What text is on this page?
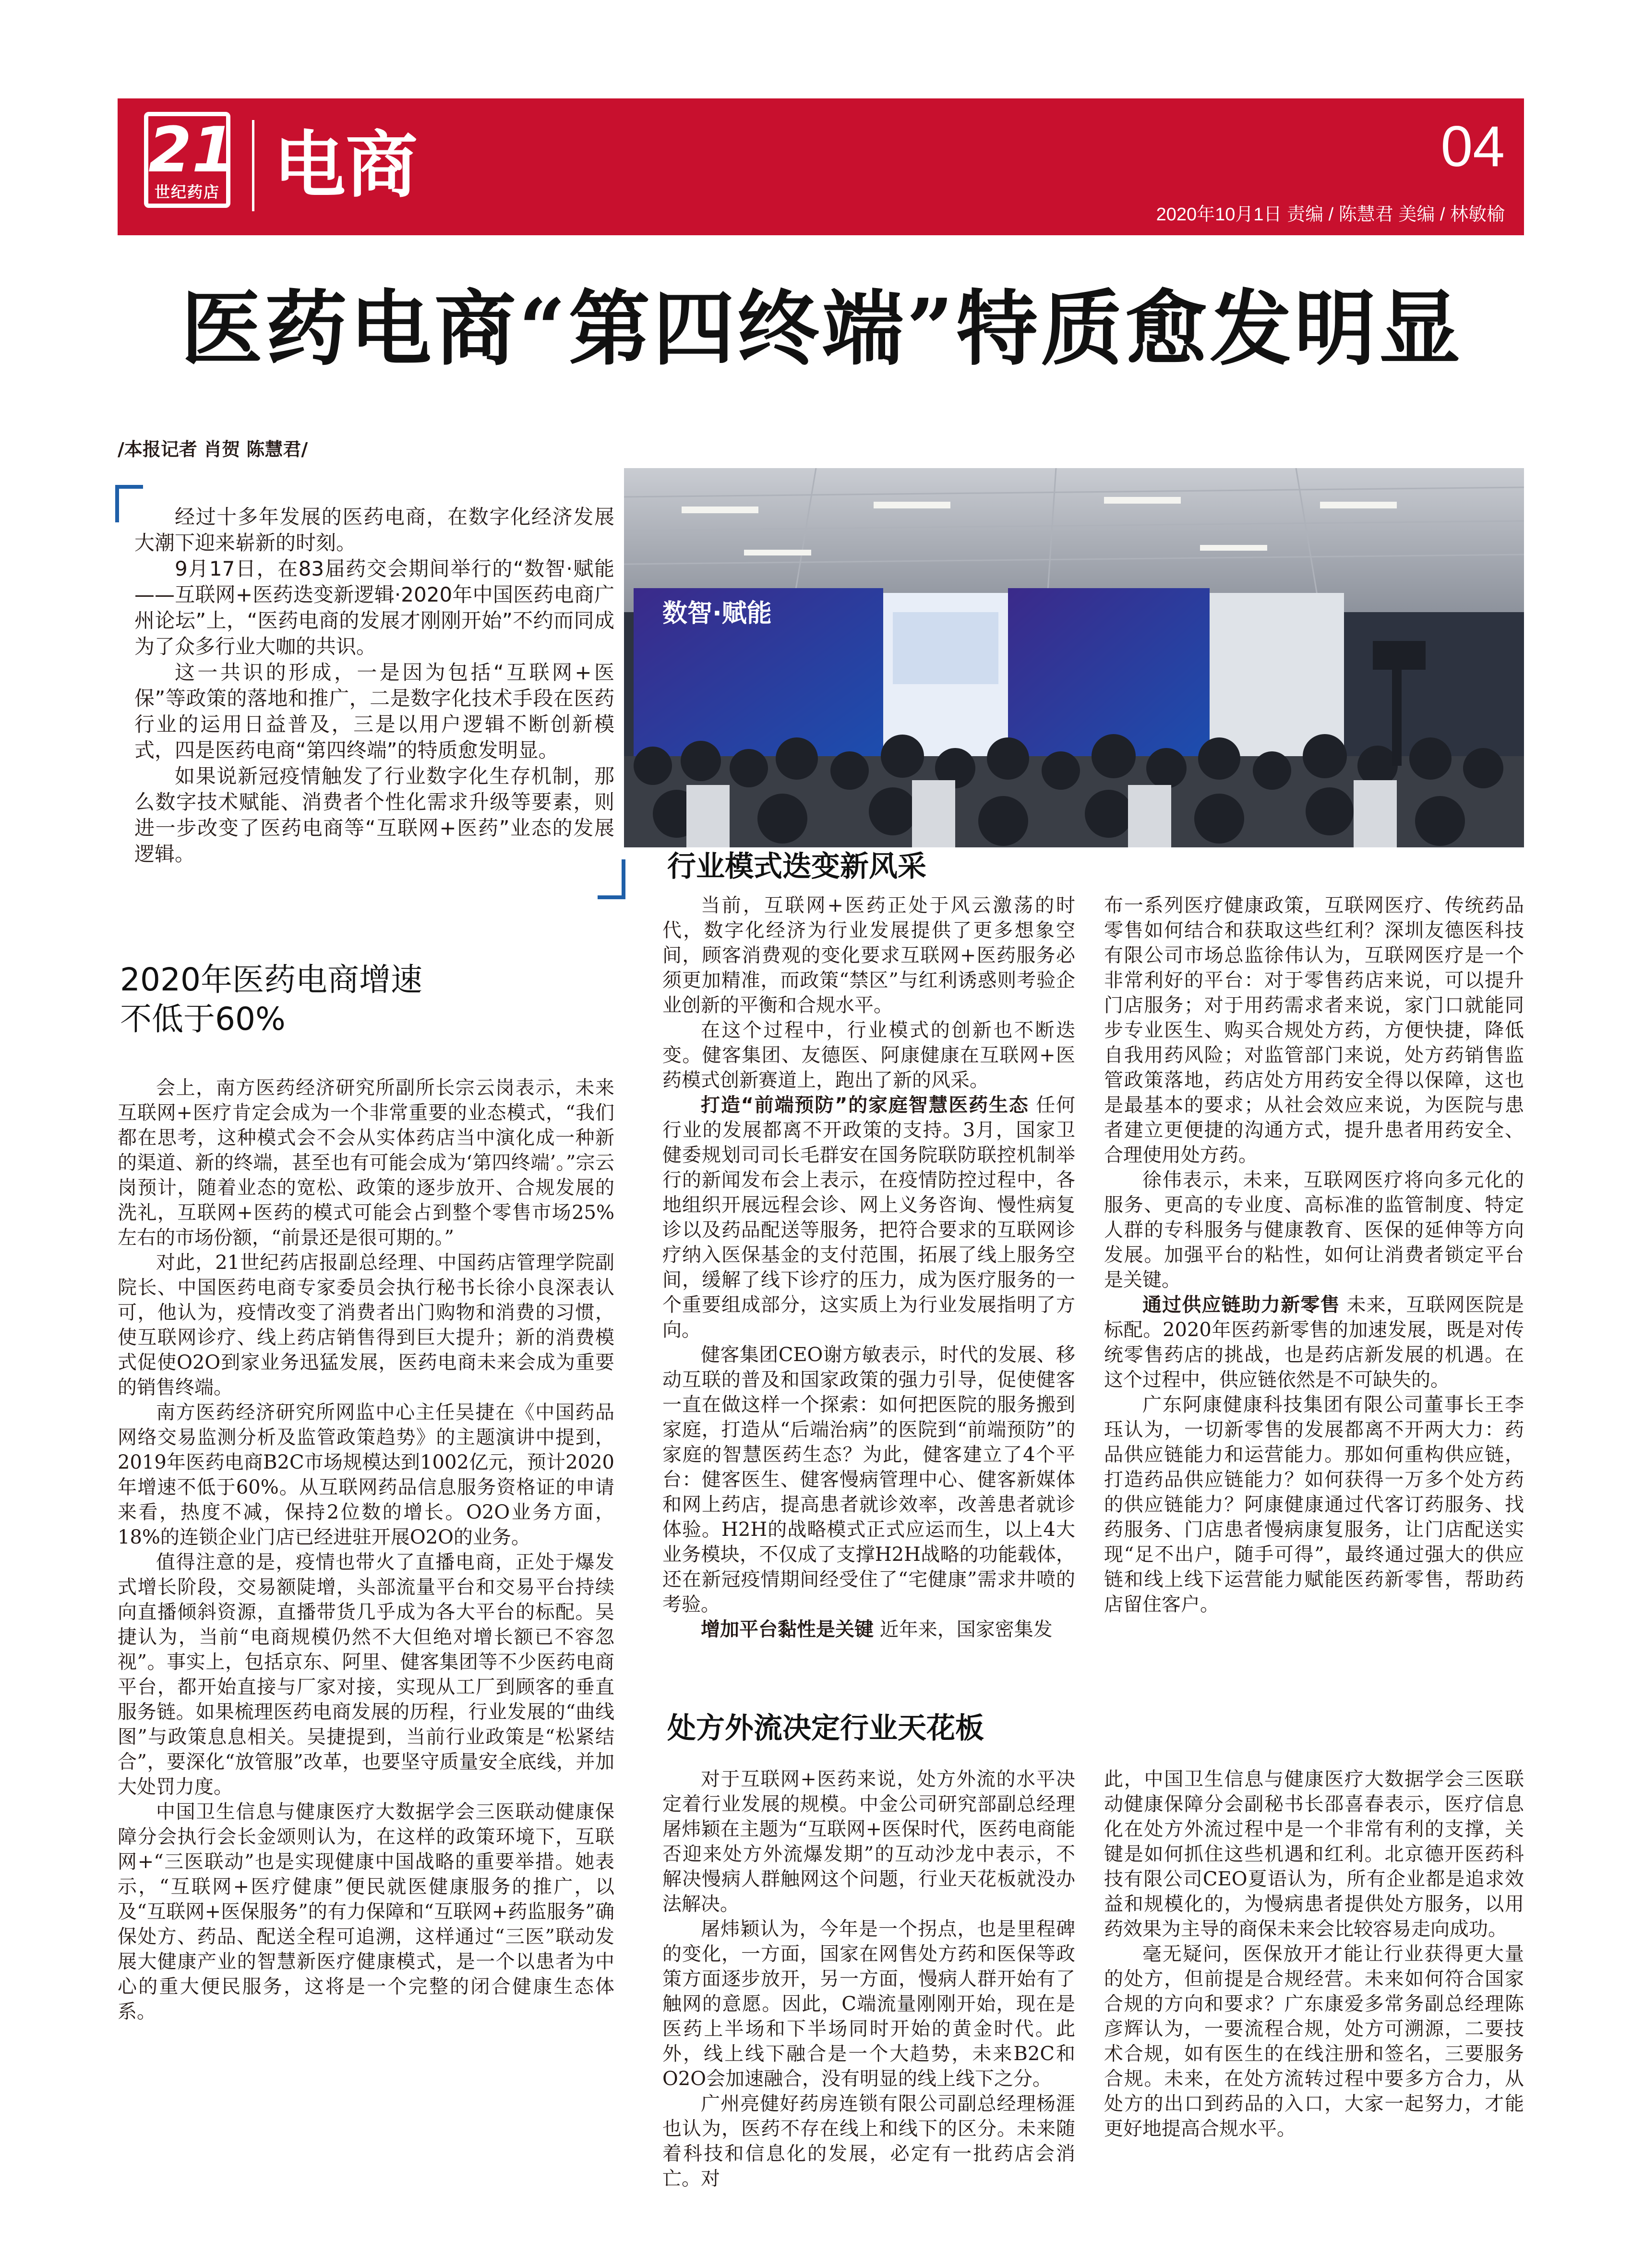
21
世纪药店 电商	04
2020年10月1日 责编 / 陈慧君 美编 / 林敏榆
医药电商“第四终端”特质愈发明显
/本报记者 肖贺 陈慧君/
数智·赋能

经过十多年发展的医药电商，在数字化经济发展大潮下迎来崭新的时刻。

9月17日，在83届药交会期间举行的“数智·赋能——互联网+医药迭变新逻辑·2020年中国医药电商广州论坛”上，“医药电商的发展才刚刚开始”不约而同成为了众多行业大咖的共识。

这一共识的形成，一是因为包括“互联网+医保”等政策的落地和推广，二是数字化技术手段在医药行业的运用日益普及，三是以用户逻辑不断创新模式，四是医药电商“第四终端”的特质愈发明显。

如果说新冠疫情触发了行业数字化生存机制，那么数字技术赋能、消费者个性化需求升级等要素，则进一步改变了医药电商等“互联网+医药”业态的发展逻辑。

2020年医药电商增速
不低于60%

会上，南方医药经济研究所副所长宗云岗表示，未来互联网+医疗肯定会成为一个非常重要的业态模式，“我们都在思考，这种模式会不会从实体药店当中演化成一种新的渠道、新的终端，甚至也有可能会成为‘第四终端’。”宗云岗预计，随着业态的宽松、政策的逐步放开、合规发展的洗礼，互联网+医药的模式可能会占到整个零售市场25%左右的市场份额，“前景还是很可期的。”

对此，21世纪药店报副总经理、中国药店管理学院副院长、中国医药电商专家委员会执行秘书长徐小良深表认可，他认为，疫情改变了消费者出门购物和消费的习惯，使互联网诊疗、线上药店销售得到巨大提升；新的消费模式促使O2O到家业务迅猛发展，医药电商未来会成为重要的销售终端。

南方医药经济研究所网监中心主任吴捷在《中国药品网络交易监测分析及监管政策趋势》的主题演讲中提到，2019年医药电商B2C市场规模达到1002亿元，预计2020年增速不低于60%。从互联网药品信息服务资格证的申请来看，热度不减，保持2位数的增长。O2O业务方面，18%的连锁企业门店已经进驻开展O2O的业务。

值得注意的是，疫情也带火了直播电商，正处于爆发式增长阶段，交易额陡增，头部流量平台和交易平台持续向直播倾斜资源，直播带货几乎成为各大平台的标配。吴捷认为，当前“电商规模仍然不大但绝对增长额已不容忽视”。事实上，包括京东、阿里、健客集团等不少医药电商平台，都开始直接与厂家对接，实现从工厂到顾客的垂直服务链。如果梳理医药电商发展的历程，行业发展的“曲线图”与政策息息相关。吴捷提到，当前行业政策是“松紧结合”，要深化“放管服”改革，也要坚守质量安全底线，并加大处罚力度。

中国卫生信息与健康医疗大数据学会三医联动健康保障分会执行会长金颂则认为，在这样的政策环境下，互联网+“三医联动”也是实现健康中国战略的重要举措。她表示，“互联网+医疗健康”便民就医健康服务的推广，以及“互联网+医保服务”的有力保障和“互联网+药监服务”确保处方、药品、配送全程可追溯，这样通过“三医”联动发展大健康产业的智慧新医疗健康模式，是一个以患者为中心的重大便民服务，这将是一个完整的闭合健康生态体系。

行业模式迭变新风采

当前，互联网+医药正处于风云激荡的时代，数字化经济为行业发展提供了更多想象空间，顾客消费观的变化要求互联网+医药服务必须更加精准，而政策“禁区”与红利诱惑则考验企业创新的平衡和合规水平。

在这个过程中，行业模式的创新也不断迭变。健客集团、友德医、阿康健康在互联网+医药模式创新赛道上，跑出了新的风采。

打造“前端预防”的家庭智慧医药生态 任何行业的发展都离不开政策的支持。3月，国家卫健委规划司司长毛群安在国务院联防联控机制举行的新闻发布会上表示，在疫情防控过程中，各地组织开展远程会诊、网上义务咨询、慢性病复诊以及药品配送等服务，把符合要求的互联网诊疗纳入医保基金的支付范围，拓展了线上服务空间，缓解了线下诊疗的压力，成为医疗服务的一个重要组成部分，这实质上为行业发展指明了方向。

健客集团CEO谢方敏表示，时代的发展、移动互联的普及和国家政策的强力引导，促使健客一直在做这样一个探索：如何把医院的服务搬到家庭，打造从“后端治病”的医院到“前端预防”的家庭的智慧医药生态？为此，健客建立了4个平台：健客医生、健客慢病管理中心、健客新媒体和网上药店，提高患者就诊效率，改善患者就诊体验。H2H的战略模式正式应运而生，以上4大业务模块，不仅成了支撑H2H战略的功能载体，还在新冠疫情期间经受住了“宅健康”需求井喷的考验。

增加平台黏性是关键 近年来，国家密集发

布一系列医疗健康政策，互联网医疗、传统药品零售如何结合和获取这些红利？深圳友德医科技有限公司市场总监徐伟认为，互联网医疗是一个非常利好的平台：对于零售药店来说，可以提升门店服务；对于用药需求者来说，家门口就能同步专业医生、购买合规处方药，方便快捷，降低自我用药风险；对监管部门来说，处方药销售监管政策落地，药店处方用药安全得以保障，这也是最基本的要求；从社会效应来说，为医院与患者建立更便捷的沟通方式，提升患者用药安全、合理使用处方药。

徐伟表示，未来，互联网医疗将向多元化的服务、更高的专业度、高标准的监管制度、特定人群的专科服务与健康教育、医保的延伸等方向发展。加强平台的粘性，如何让消费者锁定平台是关键。

通过供应链助力新零售 未来，互联网医院是标配。2020年医药新零售的加速发展，既是对传统零售药店的挑战，也是药店新发展的机遇。在这个过程中，供应链依然是不可缺失的。

广东阿康健康科技集团有限公司董事长王李珏认为，一切新零售的发展都离不开两大力：药品供应链能力和运营能力。那如何重构供应链，打造药品供应链能力？如何获得一万多个处方药的供应链能力？阿康健康通过代客订药服务、找药服务、门店患者慢病康复服务，让门店配送实现“足不出户，随手可得”，最终通过强大的供应链和线上线下运营能力赋能医药新零售，帮助药店留住客户。

处方外流决定行业天花板

对于互联网+医药来说，处方外流的水平决定着行业发展的规模。中金公司研究部副总经理屠炜颖在主题为“互联网+医保时代，医药电商能否迎来处方外流爆发期”的互动沙龙中表示，不解决慢病人群触网这个问题，行业天花板就没办法解决。

屠炜颖认为，今年是一个拐点，也是里程碑的变化，一方面，国家在网售处方药和医保等政策方面逐步放开，另一方面，慢病人群开始有了触网的意愿。因此，C端流量刚刚开始，现在是医药上半场和下半场同时开始的黄金时代。此外，线上线下融合是一个大趋势，未来B2C和O2O会加速融合，没有明显的线上线下之分。

广州亮健好药房连锁有限公司副总经理杨涯也认为，医药不存在线上和线下的区分。未来随着科技和信息化的发展，必定有一批药店会消亡。对

此，中国卫生信息与健康医疗大数据学会三医联动健康保障分会副秘书长邵喜春表示，医疗信息化在处方外流过程中是一个非常有利的支撑，关键是如何抓住这些机遇和红利。北京德开医药科技有限公司CEO夏语认为，所有企业都是追求效益和规模化的，为慢病患者提供处方服务，以用药效果为主导的商保未来会比较容易走向成功。

毫无疑问，医保放开才能让行业获得更大量的处方，但前提是合规经营。未来如何符合国家合规的方向和要求？广东康爱多常务副总经理陈彦辉认为，一要流程合规，处方可溯源，二要技术合规，如有医生的在线注册和签名，三要服务合规。未来，在处方流转过程中要多方合力，从处方的出口到药品的入口，大家一起努力，才能更好地提高合规水平。
